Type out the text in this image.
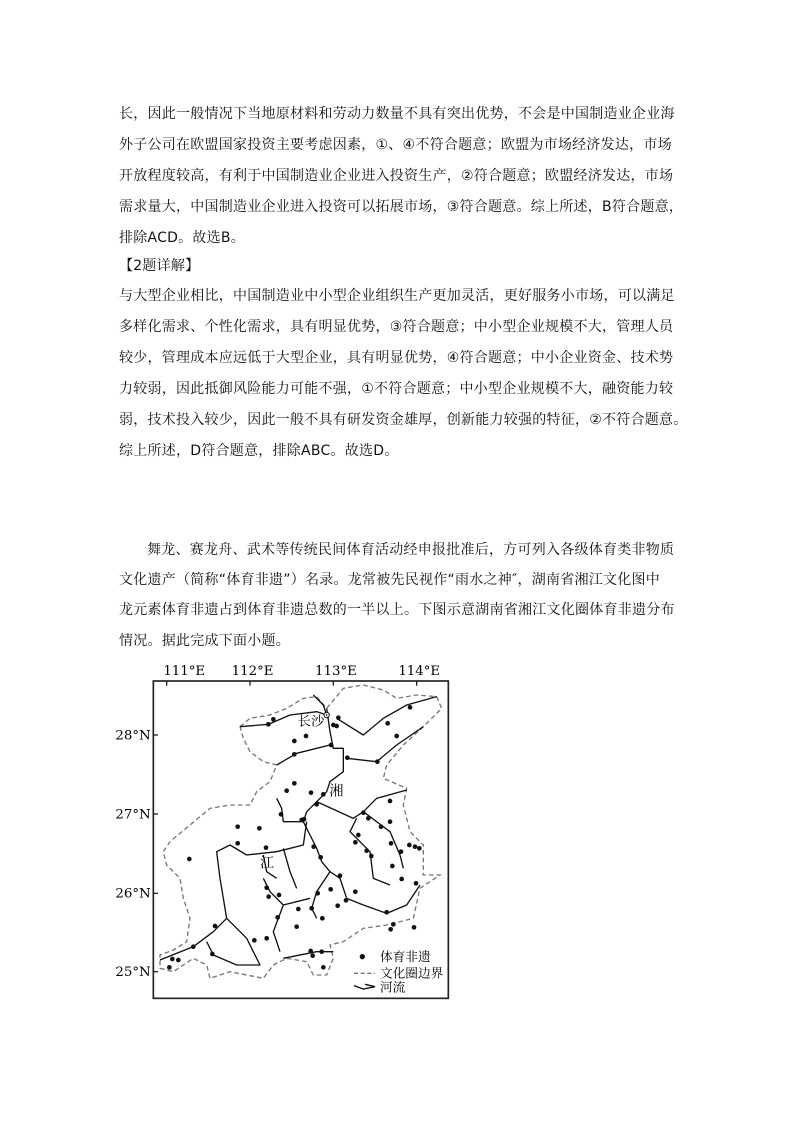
长，因此一般情况下当地原材料和劳动力数量不具有突出优势，不会是中国制造业企业海
外子公司在欧盟国家投资主要考虑因素，①、④不符合题意；欧盟为市场经济发达，市场
开放程度较高，有利于中国制造业企业进入投资生产，②符合题意；欧盟经济发达，市场
需求量大，中国制造业企业进入投资可以拓展市场，③符合题意。综上所述，B符合题意，
排除ACD。故选B。
【2题详解】
与大型企业相比，中国制造业中小型企业组织生产更加灵活，更好服务小市场，可以满足
多样化需求、个性化需求，具有明显优势，③符合题意；中小型企业规模不大，管理人员
较少，管理成本应远低于大型企业，具有明显优势，④符合题意；中小企业资金、技术势
力较弱，因此抵御风险能力可能不强，①不符合题意；中小型企业规模不大，融资能力较
弱，技术投入较少，因此一般不具有研发资金雄厚，创新能力较强的特征，②不符合题意。
综上所述，D符合题意，排除ABC。故选D。
舞龙、赛龙舟、武术等传统民间体育活动经申报批准后，方可列入各级体育类非物质
文化遗产（简称“体育非遗”）名录。龙常被先民视作“雨水之神″，湖南省湘江文化图中
龙元素体育非遗占到体育非遗总数的一半以上。下图示意湖南省湘江文化圈体育非遗分布
情况。据此完成下面小题。
111°E 112°E 113°E 114°E
28°N
27°N
26°N
25°N
长沙
湘
江
体育非遗
文化圈边界
河流
